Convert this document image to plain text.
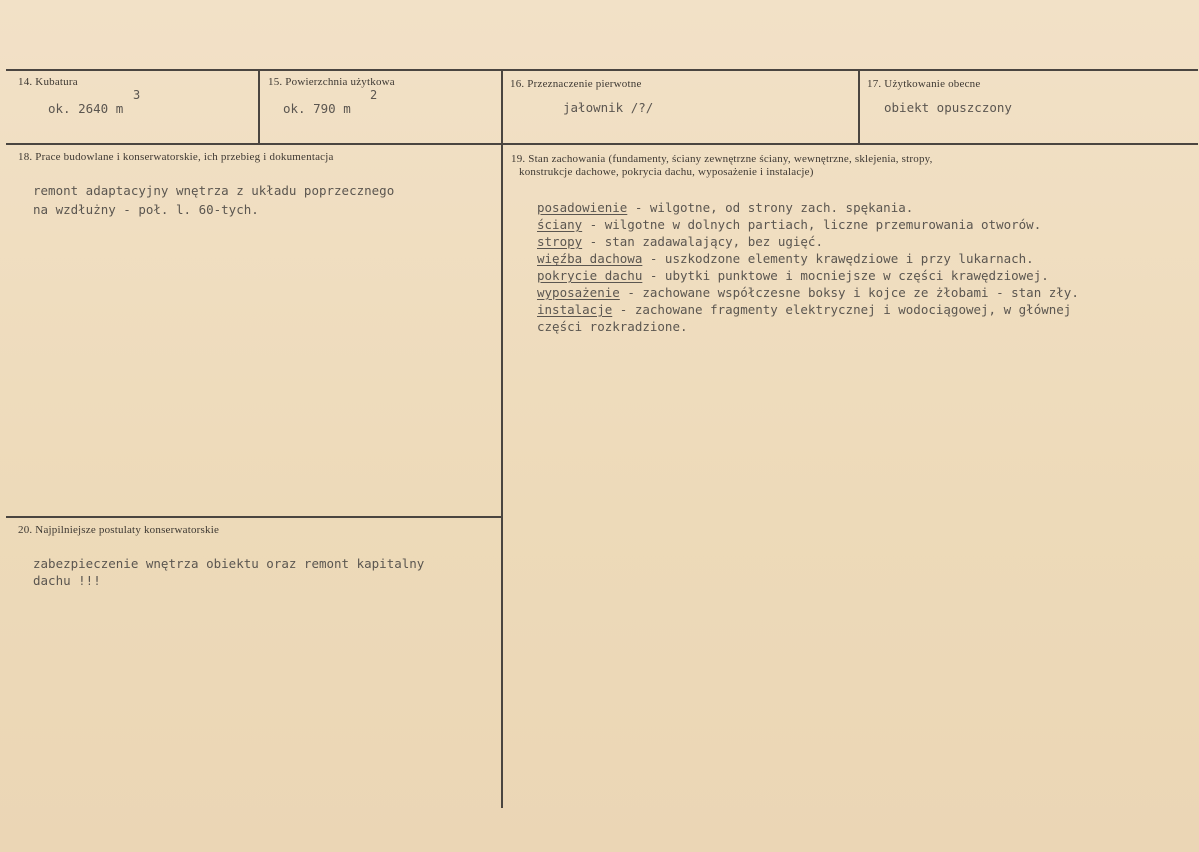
14. Kubatura
ok. 2640 m
3
15. Powierzchnia użytkowa
ok. 790 m
2
16. Przeznaczenie pierwotne
jałownik /?/
17. Użytkowanie obecne
obiekt opuszczony
18. Prace budowlane i konserwatorskie, ich przebieg i dokumentacja
remont adaptacyjny wnętrza z układu poprzecznego
na wzdłużny - poł. l. 60-tych.
19. Stan zachowania (fundamenty, ściany zewnętrzne ściany, wewnętrzne, sklejenia, stropy,
konstrukcje dachowe, pokrycia dachu, wyposażenie i instalacje)
posadowienie - wilgotne, od strony zach. spękania.
ściany - wilgotne w dolnych partiach, liczne przemurowania otworów.
stropy - stan zadawalający, bez ugięć.
więźba dachowa - uszkodzone elementy krawędziowe i przy lukarnach.
pokrycie dachu - ubytki punktowe i mocniejsze w części krawędziowej.
wyposażenie - zachowane współczesne boksy i kojce ze żłobami - stan zły.
instalacje - zachowane fragmenty elektrycznej i wodociągowej, w głównej
części rozkradzione.
20. Najpilniejsze postulaty konserwatorskie
zabezpieczenie wnętrza obiektu oraz remont kapitalny
dachu !!!
